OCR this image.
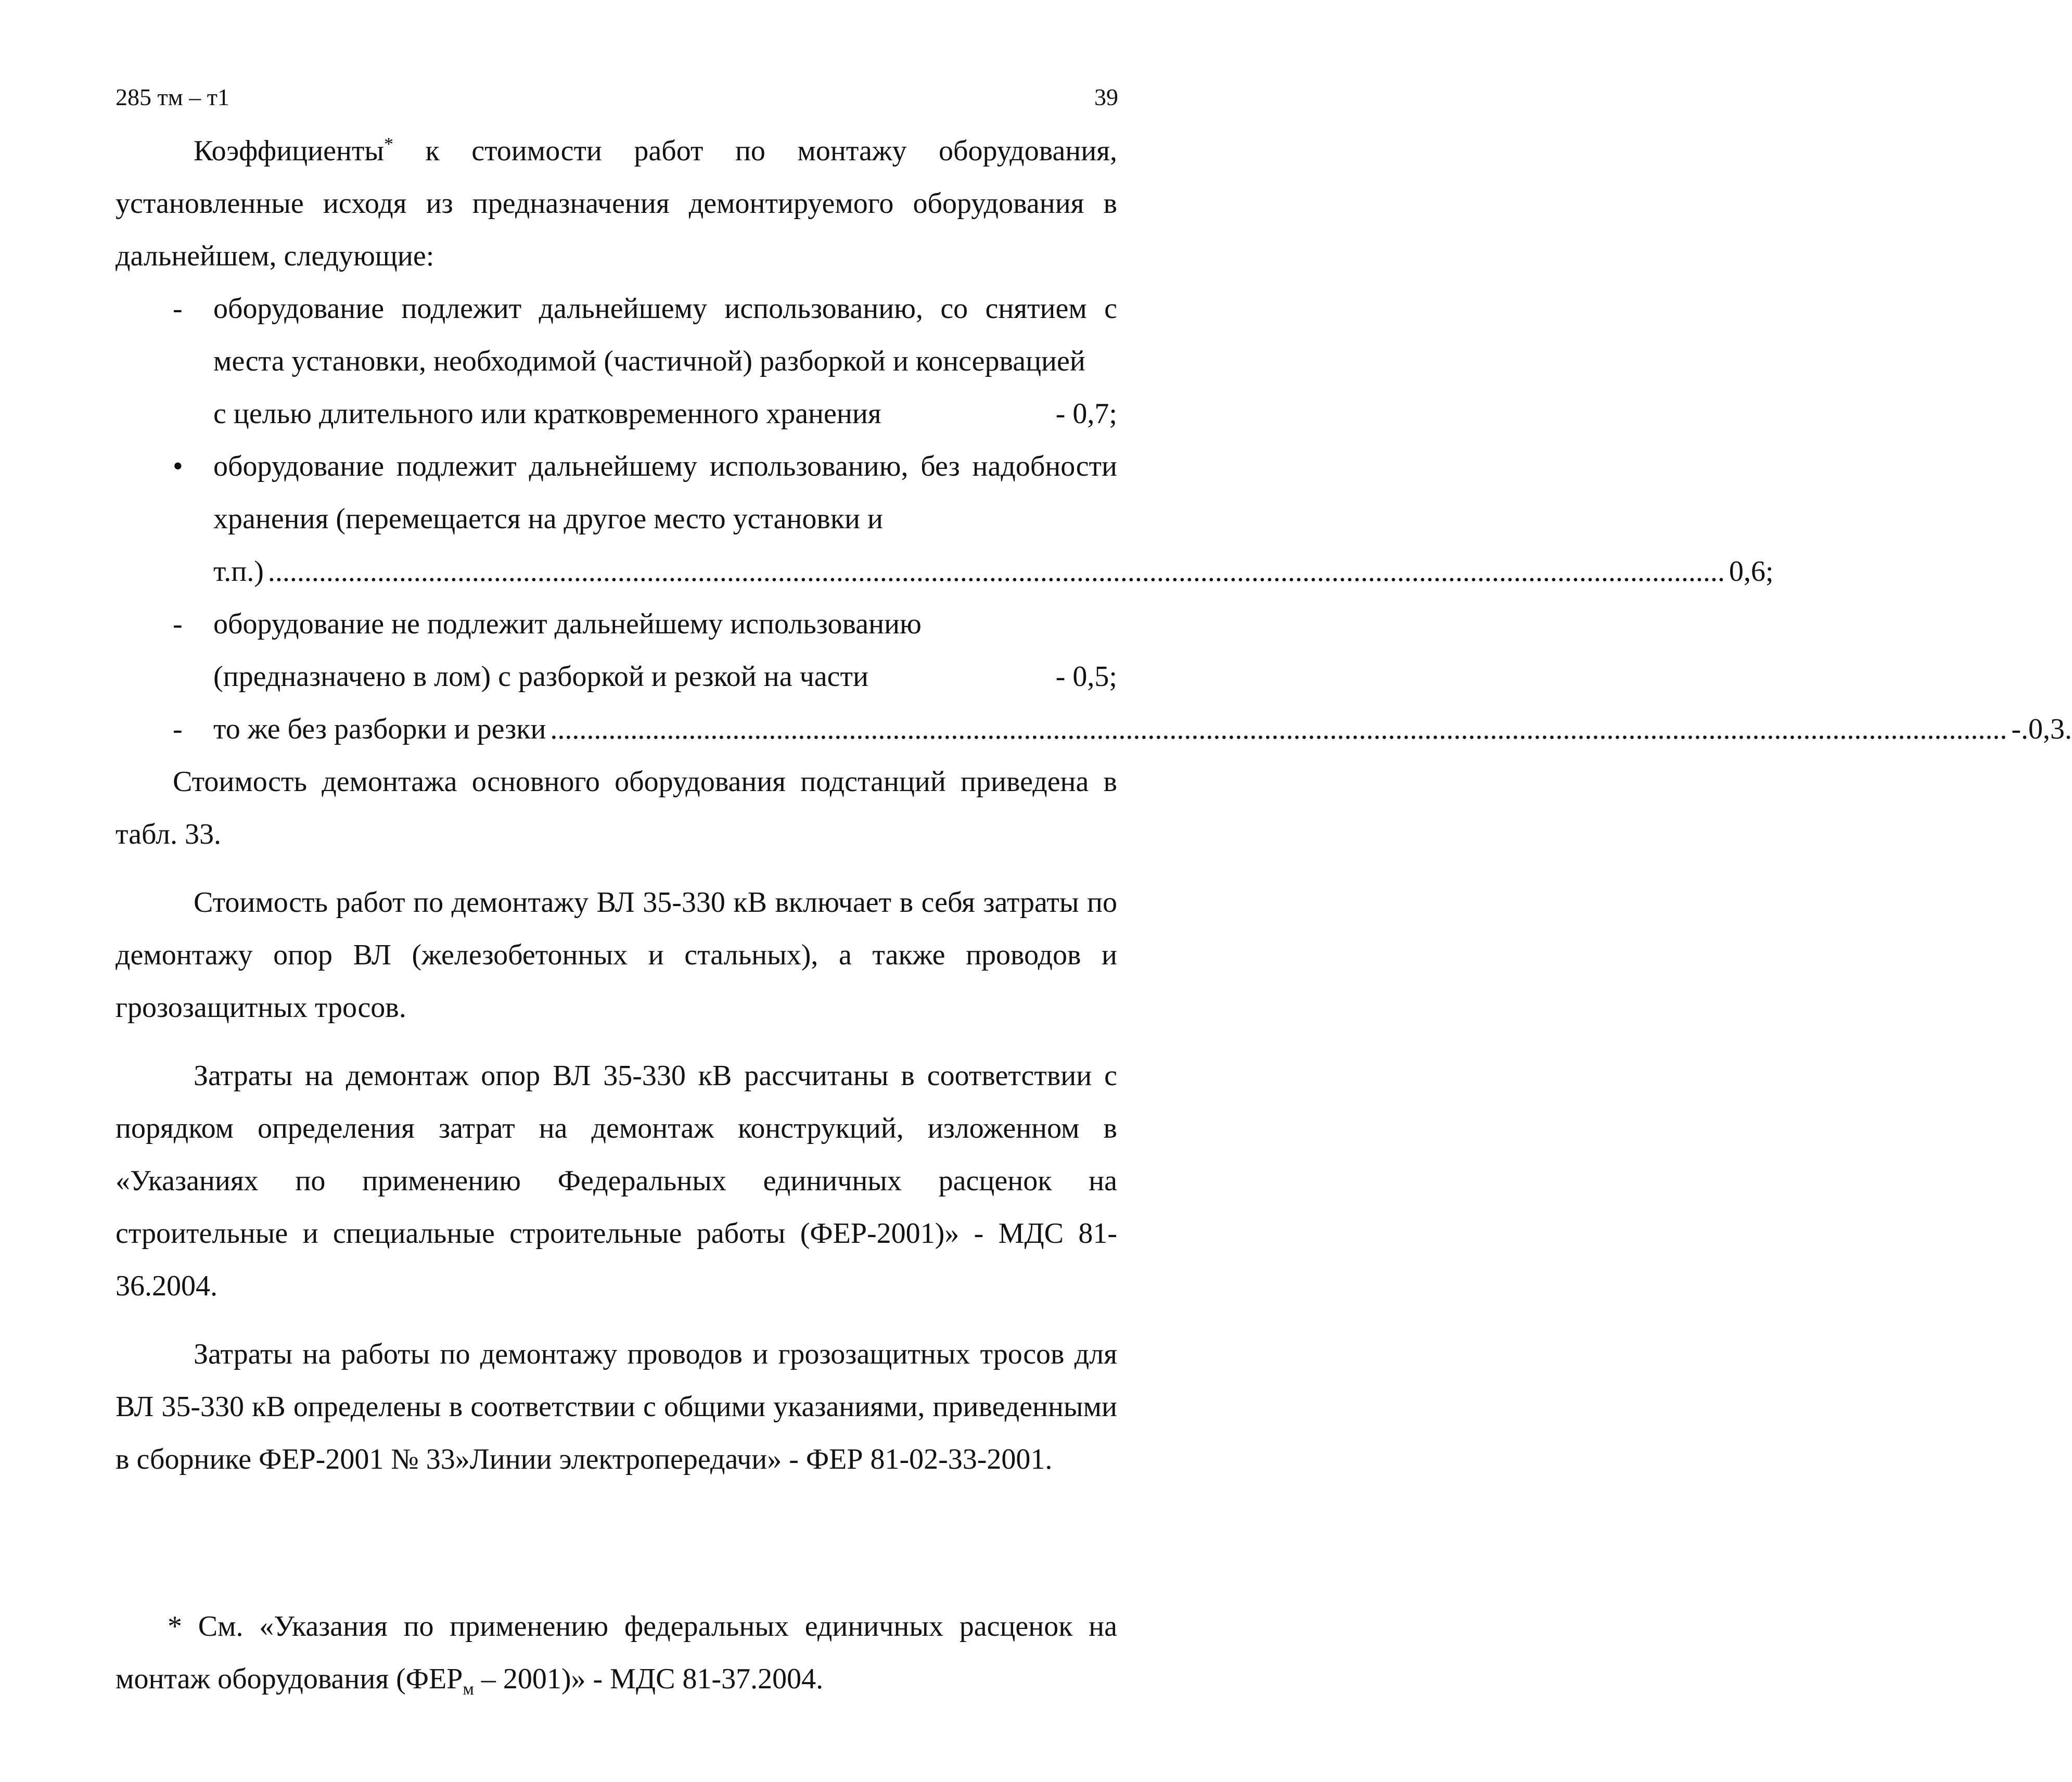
285 тм – т1	39

Коэффициенты* к стоимости работ по монтажу оборудования, установленные исходя из предназначения демонтируемого оборудования в дальнейшем, следующие:

- оборудование подлежит дальнейшему использованию, со снятием с места установки, необходимой (частичной) разборкой и консервацией
с целью длительного или кратковременного хранения	- 0,7;
• оборудование подлежит дальнейшему использованию, без надобности хранения (перемещается на другое место установки и
т.п.) ........................................................................................................................................................................................................ 0,6;
- оборудование не подлежит дальнейшему использованию
(предназначено в лом) с разборкой и резкой на части	- 0,5;
- то же без разборки и резки ........................................................................................................................................................................................................ -.0,3.

Стоимость демонтажа основного оборудования подстанций приведена в табл. 33.

Стоимость работ по демонтажу ВЛ 35-330 кВ включает в себя затраты по демонтажу опор ВЛ (железобетонных и стальных), а также проводов и грозозащитных тросов.

Затраты на демонтаж опор ВЛ 35-330 кВ рассчитаны в соответствии с порядком определения затрат на демонтаж конструкций, изложенном в «Указаниях по применению Федеральных единичных расценок на строительные и специальные строительные работы (ФЕР-2001)» - МДС 81-36.2004.

Затраты на работы по демонтажу проводов и грозозащитных тросов для ВЛ 35-330 кВ определены в соответствии с общими указаниями, приведенными в сборнике ФЕР-2001 № 33»Линии электропередачи» - ФЕР 81-02-33-2001.

* См. «Указания по применению федеральных единичных расценок на монтаж оборудования $(ФЕР_м - 2001)$» - МДС 81-37.2004.
